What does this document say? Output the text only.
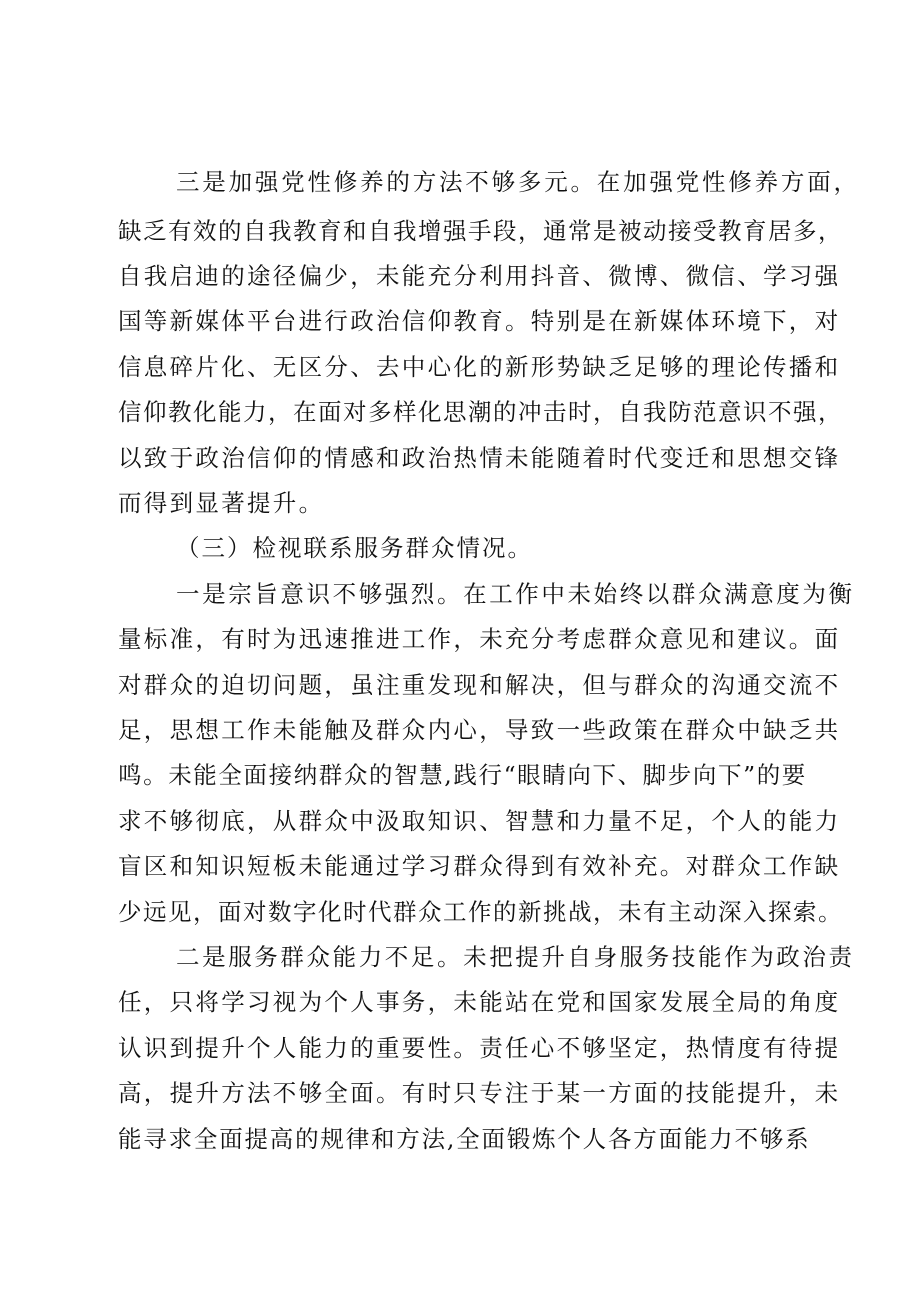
三是加强党性修养的方法不够多元。在加强党性修养方面，
缺乏有效的自我教育和自我增强手段，通常是被动接受教育居多，
自我启迪的途径偏少，未能充分利用抖音、微博、微信、学习强
国等新媒体平台进行政治信仰教育。特别是在新媒体环境下，对
信息碎片化、无区分、去中心化的新形势缺乏足够的理论传播和
信仰教化能力，在面对多样化思潮的冲击时，自我防范意识不强，
以致于政治信仰的情感和政治热情未能随着时代变迁和思想交锋
而得到显著提升。
（三）检视联系服务群众情况。
一是宗旨意识不够强烈。在工作中未始终以群众满意度为衡
量标准，有时为迅速推进工作，未充分考虑群众意见和建议。面
对群众的迫切问题，虽注重发现和解决，但与群众的沟通交流不
足，思想工作未能触及群众内心，导致一些政策在群众中缺乏共
鸣。未能全面接纳群众的智慧,践行“眼睛向下、脚步向下”的要
求不够彻底，从群众中汲取知识、智慧和力量不足，个人的能力
盲区和知识短板未能通过学习群众得到有效补充。对群众工作缺
少远见，面对数字化时代群众工作的新挑战，未有主动深入探索。
二是服务群众能力不足。未把提升自身服务技能作为政治责
任，只将学习视为个人事务，未能站在党和国家发展全局的角度
认识到提升个人能力的重要性。责任心不够坚定，热情度有待提
高，提升方法不够全面。有时只专注于某一方面的技能提升，未
能寻求全面提高的规律和方法,全面锻炼个人各方面能力不够系
